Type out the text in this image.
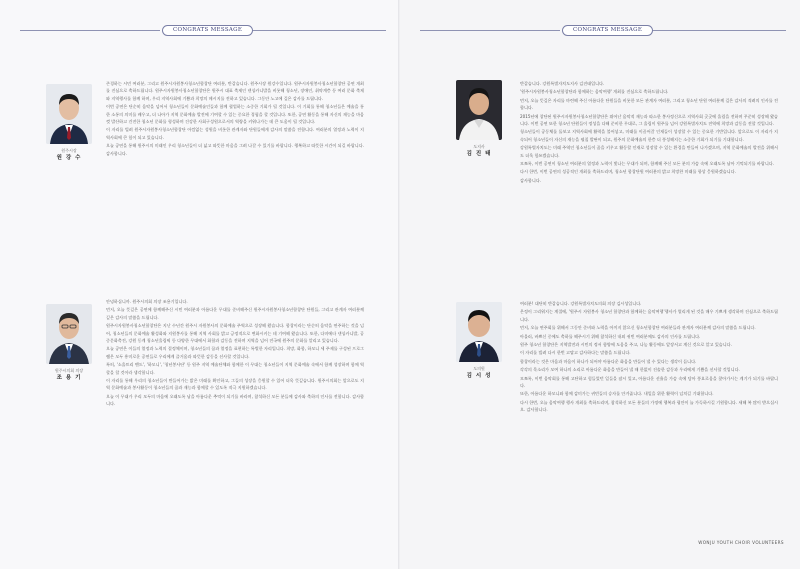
CONGRATS MESSAGE
원주시장
원 강 수

존경하는 시민 여러분, 그리고 원주시자원봉사청소년합창단 여러분, 반갑습니다. 원주시장 원강수입니다. 원주시자원봉사청소년합창단 공연 개최를 진심으로 축하드립니다. 원주시자원봉사청소년합창단은 원주시 대표 축제인 댄싱카니발을 비롯해 청소년, 장애인, 취약계층 등 여러 문화 축제와 지역행사를 함께 하며, 우리 지역사회에 기쁨과 희망의 메시지를 전하고 있습니다. 그동안 노고에 깊은 감사를 드립니다.

이번 공연은 단순히 음악을 넘어서 청소년들이 문화예술인들과 함께 협업하는 소중한 기회가 될 것입니다. 이 기회를 통해 청소년들은 예술을 통한 소통의 의미를 배우고, 더 나아가 지역 문화예술 발전에 기여할 수 있는 중요한 경험을 할 것입니다. 또한, 공연 활동을 통해 자신의 재능을 마음껏 발산하고 건전한 청소년 문화를 형성하며 건강한 사회구성원으로서의 역량을 키워나가는 데 큰 도움이 될 것입니다.

이 자리를 빌려 원주시자원봉사청소년합창단 아낌없는 성원을 비롯한 관계자와 단원들에게 감사의 말씀을 전합니다. 여러분의 열정과 노력이 지역사회에 큰 힘이 되고 있습니다.

오늘 공연을 통해 원주시의 미래인 우리 청소년들이 더 넓고 따뜻한 마음을 그려 나갈 수 있기를 바랍니다. 행복하고 따뜻한 시간이 되길 바랍니다. 감사합니다.

원주시의회 의장
조 용 기

안녕하십니까. 원주시의회 의장 조용기입니다.

먼저, 오늘 뜻깊은 공연에 함께해주신 시민 여러분과 아름다운 무대를 준비해주신 원주시자원봉사청소년합창단 단원들, 그리고 관계자 여러분께 깊은 감사의 말씀을 드립니다.

원주시자원봉사청소년합창단은 지난 수년간 원주시 자원봉사의 문화예술 주역으로 성장해 왔습니다. 합창이라는 단순히 음악을 연주하는 것을 넘어, 청소년들의 문화예술 활성화와 지원봉사를 통해 지역 사회를 밝고 긍정적으로 변화시키는 데 기여해 왔습니다. 또한, 다미에타 댄싱카니발, 공중문화축전, 강원 동계 청소년올림픽 등 다양한 무대에서 화합과 감동을 전하며 지역을 넘어 전국에 원주의 문화를 알리고 있습니다.

오늘 공연은 이들의 열정과 노력의 결정체이며, 청소년들의 꿈과 열정을 표현하는 특별한 자리입니다. 희망, 화합, 하모니 세 주제를 구성된 프로그램은 모두 흥미로운 공연들로 우리에게 즐거움과 따뜻한 감동을 선사할 것입니다.

특히, '소울트리 밴드', '하모니', '청년봉사단' 등 원주 지역 예술단체와 함께한 이 무대는 청소년들이 지역 문화예술 속에서 함께 성장하며 함께 역할을 할 것이라 생각합니다.

이 자리를 통해 우리의 청소년들이 만들어가는 밝은 미래를 확인하고, 그들의 성장을 응원할 수 있어 더욱 뜻깊습니다. 원주시의회는 앞으로도 지역 문화예술과 봉사활동이 청소년들의 꿈과 재능과 함께할 수 있도록 적극 지원하겠습니다.

오늘 이 무대가 우리 모두의 마음에 오래도록 남을 아름다운 추억이 되기를 바라며, 참석하신 모든 분들께 감사와 축하의 인사를 전합니다. 감사합니다.

CONGRATS MESSAGE
도지사
김 진 태

반갑습니다. 강원특별자치도지사 김진태입니다.

'원주시자원봉사청소년합창단과 함께하는 음악여행' 개최를 진심으로 축하드립니다.

먼저, 오늘 뜻깊은 자리를 마련해 주신 아름다운 단원들을 비롯한 모든 관계자 여러분, 그리고 청소년 단원 여러분께 깊은 감사의 격려의 인사를 전합니다.

2015년에 창단된 원주시자원봉사청소년합창단은 뛰어난 음악적 재능과 따스한 봉사정신으로 지역사회 곳곳에 울림을 전하며 꾸준히 성장해 왔습니다. 이번 공연 또한 청소년 단원들이 정성을 다해 준비한 무대로, 그 울림이 원주를 넘어 강원특별자치도 전역에 희망과 감동을 전할 것입니다.

청소년들이 공동체를 돌보고 지역사회에 활력을 불어넣고, 미래를 이끌어갈 인재들이 성장할 수 있는 중요한 기반입니다. 앞으로도 이 자리가 지속되어 청소년들이 자신의 재능을 펼칠 발판이 되고, 원주의 문화예술의 한층 더 풍성해지는 소중한 기회가 되기를 기대합니다.

강원특별자치도는 미래 주역인 청소년들이 꿈을 키우고 활동할 인재로 성장할 수 있는 환경을 만들어 나가겠으며, 지역 문화예술의 발전을 위해서도 더욱 힘쓰겠습니다.

모쪼록, 이번 공연이 청소년 여러분의 열정과 노력이 빛나는 무대가 되며, 함께해 주신 모든 분의 가슴 속에 오래도록 남아 기억되기를 바랍니다.

다시 한번, 이번 공연의 성공적인 개최를 축하드리며, 청소년 합창단원 여러분의 밝고 희망찬 미래를 항상 응원하겠습니다.

감사합니다.

도의원
김 시 성

여러분! 대단히 반갑습니다. 강원특별자치도의회 의장 김시성입니다.

은정이 그리워지는 계절에, '원주시 자원봉사 청소년 합창단과 함께하는 음악여행'행사가 열리게 된 것을 매우 기쁘게 생각하며 진심으로 축하드립니다.

먼저, 오늘 연주회를 위해서 그동안 준비와 노력을 아끼지 않으신 청소년합창단 여러분들과 관계자 여러분께 감사의 말씀을 드립니다.

아울러, 바쁘신 중에도 축하를 해주시기 위해 참석하신 내외 귀빈 여러분께도 감사의 인사를 드립니다.

원주 청소년 합창단은 지역발전과 시민의 정서 함양에 도움을 주고, 나눔 활동에도 앞장서고 계신 것으로 알고 있습니다.

이 자리를 빌려 다시 한번 고맙고 감사하다는 말씀을 드립니다.

합창이라는 것은 마음과 마음이 하나가 되어야 아름다운 화음을 만들어 낼 수 있다는 생각이 듭니다.

각각의 목소리가 모여 하나의 소리로 아름다운 화음을 만들어 낼 때 한없이 진솔한 감동과 우리에게 기쁨을 선사할 것입니다.

모쪼록, 이번 음악회를 통해 고단하고 힘들었던 일들을 잠시 잊고, 아름다운 선율을 가슴 속에 담아 풍요로움을 찾아가시는 계기가 되기를 바랍니다.

또한, 아름다운 하모니와 함께 감미가는 귀빈들의 승자를 안겨줍니다. 내일을 위한 활력이 넘치길 기대합니다.

다시 한번, 오늘 음악여행 행사 개최를 축하드리며, 참석하신 모든 분들의 가정에 행복과 평안이 늘 가득하시길 기원합니다. 새해 복 많이 받으십시오. 감사합니다.

WONJU YOUTH CHOIR VOLUNTEERS
